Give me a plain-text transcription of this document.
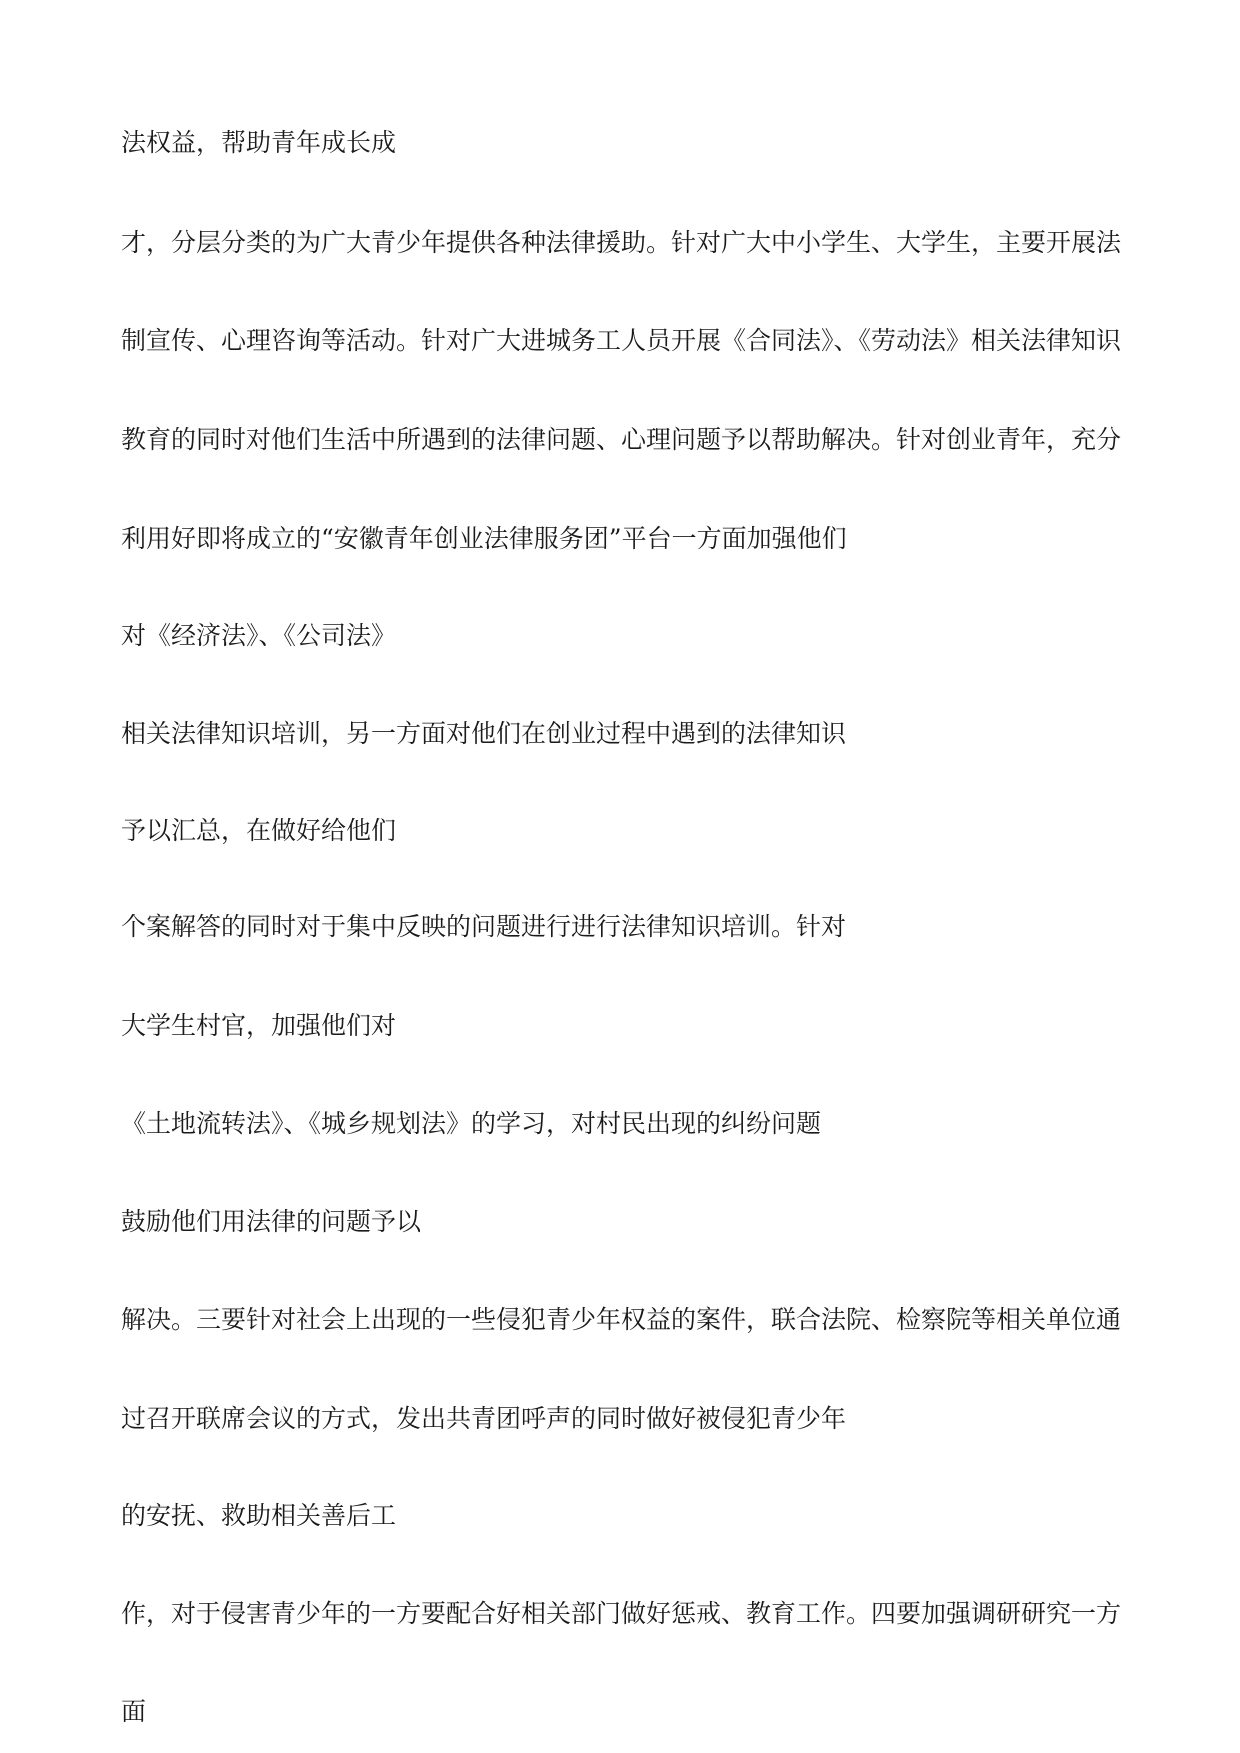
法权益，帮助青年成长成

才，分层分类的为广大青少年提供各种法律援助。针对广大中小学生、大学生，主要开展法

制宣传、心理咨询等活动。针对广大进城务工人员开展《合同法》、《劳动法》相关法律知识

教育的同时对他们生活中所遇到的法律问题、心理问题予以帮助解决。针对创业青年，充分

利用好即将成立的“安徽青年创业法律服务团”平台一方面加强他们

对《经济法》、《公司法》

相关法律知识培训，另一方面对他们在创业过程中遇到的法律知识

予以汇总，在做好给他们

个案解答的同时对于集中反映的问题进行进行法律知识培训。针对

大学生村官，加强他们对

《土地流转法》、《城乡规划法》的学习，对村民出现的纠纷问题

鼓励他们用法律的问题予以

解决。三要针对社会上出现的一些侵犯青少年权益的案件，联合法院、检察院等相关单位通

过召开联席会议的方式，发出共青团呼声的同时做好被侵犯青少年

的安抚、救助相关善后工

作，对于侵害青少年的一方要配合好相关部门做好惩戒、教育工作。四要加强调研研究一方

面
